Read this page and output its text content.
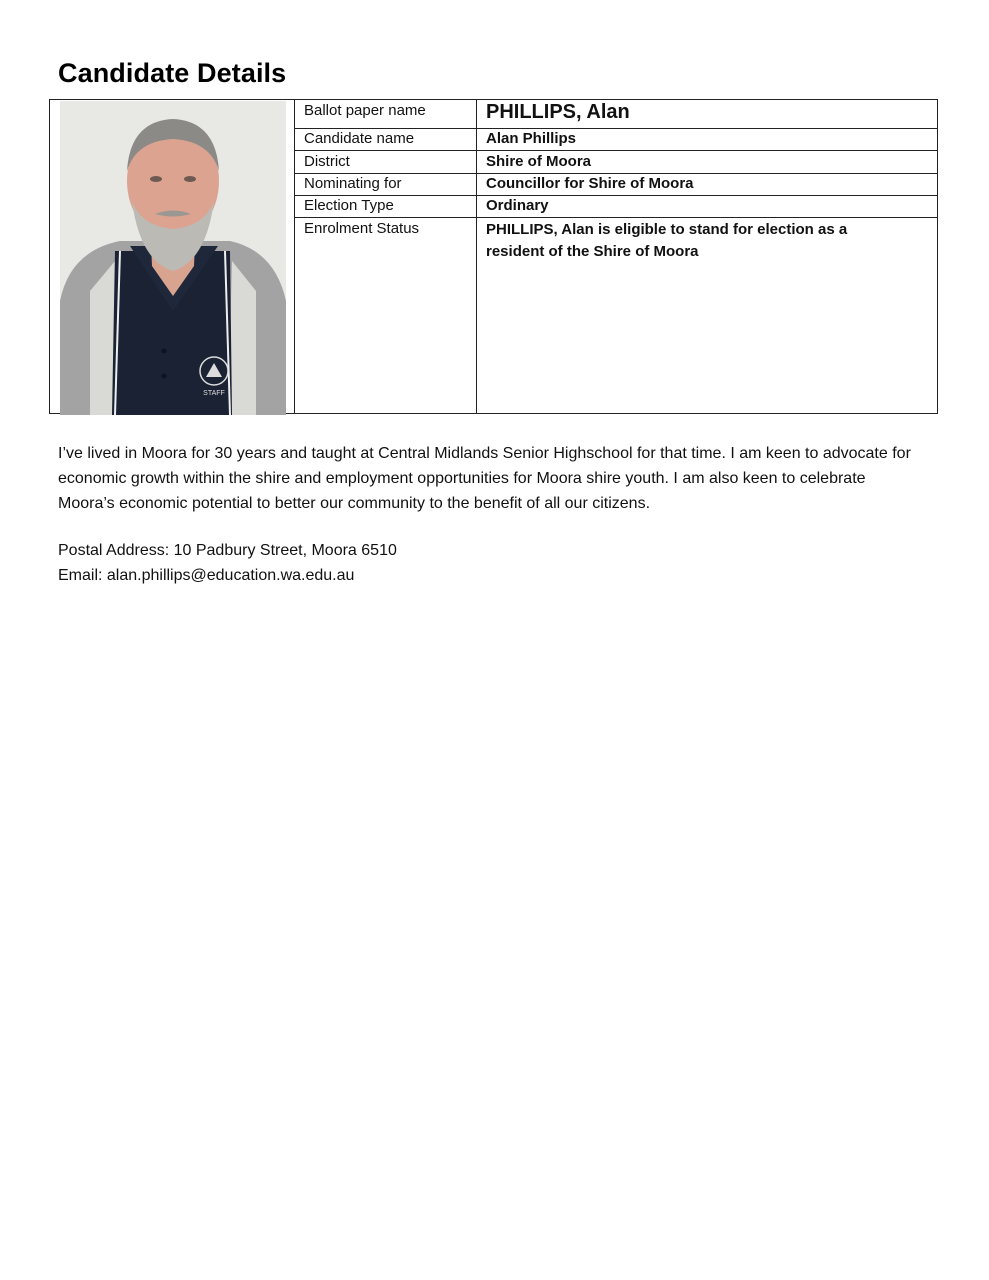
Candidate Details
STAFF
Ballot paper name	PHILLIPS, Alan
Candidate name	Alan Phillips
District	Shire of Moora
Nominating for	Councillor for Shire of Moora
Election Type	Ordinary
Enrolment Status	PHILLIPS, Alan is eligible to stand for election as a resident of the Shire of Moora

I’ve lived in Moora for 30 years and taught at Central Midlands Senior Highschool for that time. I am keen to advocate for economic growth within the shire and employment opportunities for Moora shire youth. I am also keen to celebrate Moora’s economic potential to better our community to the benefit of all our citizens.

Postal Address: 10 Padbury Street, Moora 6510
Email: alan.phillips@education.wa.edu.au
